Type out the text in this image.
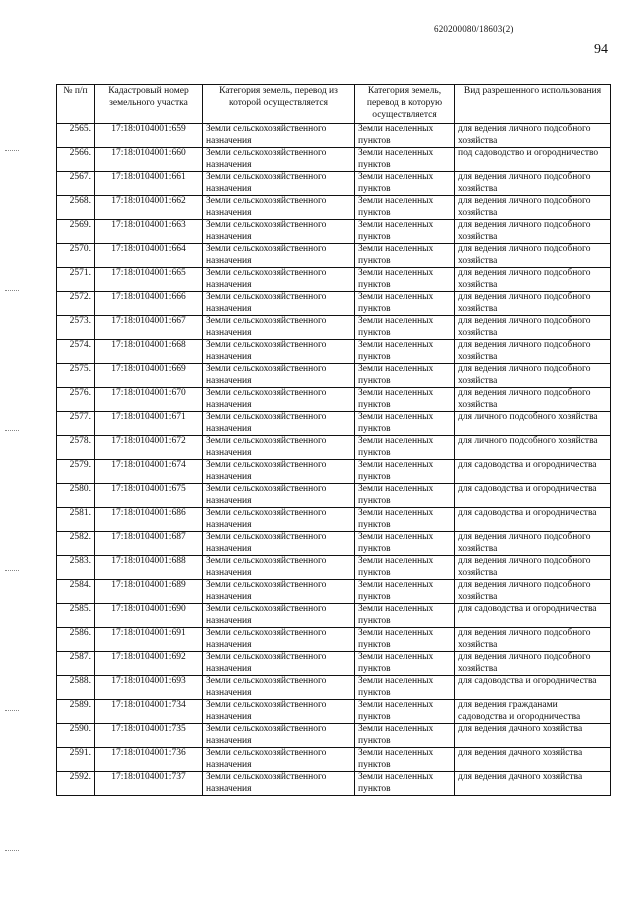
620200080/18603(2)
94
№ п/п	Кадастровый номер земельного участка	Категория земель, перевод из которой осуществляется	Категория земель, перевод в которую осуществляется	Вид разрешенного использования
2565.	17:18:0104001:659	Земли сельскохозяйственного назначения	Земли населенных пунктов	для ведения личного подсобного хозяйства
2566.	17:18:0104001:660	Земли сельскохозяйственного назначения	Земли населенных пунктов	под садоводство и огородничество
2567.	17:18:0104001:661	Земли сельскохозяйственного назначения	Земли населенных пунктов	для ведения личного подсобного хозяйства
2568.	17:18:0104001:662	Земли сельскохозяйственного назначения	Земли населенных пунктов	для ведения личного подсобного хозяйства
2569.	17:18:0104001:663	Земли сельскохозяйственного назначения	Земли населенных пунктов	для ведения личного подсобного хозяйства
2570.	17:18:0104001:664	Земли сельскохозяйственного назначения	Земли населенных пунктов	для ведения личного подсобного хозяйства
2571.	17:18:0104001:665	Земли сельскохозяйственного назначения	Земли населенных пунктов	для ведения личного подсобного хозяйства
2572.	17:18:0104001:666	Земли сельскохозяйственного назначения	Земли населенных пунктов	для ведения личного подсобного хозяйства
2573.	17:18:0104001:667	Земли сельскохозяйственного назначения	Земли населенных пунктов	для ведения личного подсобного хозяйства
2574.	17:18:0104001:668	Земли сельскохозяйственного назначения	Земли населенных пунктов	для ведения личного подсобного хозяйства
2575.	17:18:0104001:669	Земли сельскохозяйственного назначения	Земли населенных пунктов	для ведения личного подсобного хозяйства
2576.	17:18:0104001:670	Земли сельскохозяйственного назначения	Земли населенных пунктов	для ведения личного подсобного хозяйства
2577.	17:18:0104001:671	Земли сельскохозяйственного назначения	Земли населенных пунктов	для личного подсобного хозяйства
2578.	17:18:0104001:672	Земли сельскохозяйственного назначения	Земли населенных пунктов	для личного подсобного хозяйства
2579.	17:18:0104001:674	Земли сельскохозяйственного назначения	Земли населенных пунктов	для садоводства и огородничества
2580.	17:18:0104001:675	Земли сельскохозяйственного назначения	Земли населенных пунктов	для садоводства и огородничества
2581.	17:18:0104001:686	Земли сельскохозяйственного назначения	Земли населенных пунктов	для садоводства и огородничества
2582.	17:18:0104001:687	Земли сельскохозяйственного назначения	Земли населенных пунктов	для ведения личного подсобного хозяйства
2583.	17:18:0104001:688	Земли сельскохозяйственного назначения	Земли населенных пунктов	для ведения личного подсобного хозяйства
2584.	17:18:0104001:689	Земли сельскохозяйственного назначения	Земли населенных пунктов	для ведения личного подсобного хозяйства
2585.	17:18:0104001:690	Земли сельскохозяйственного назначения	Земли населенных пунктов	для садоводства и огородничества
2586.	17:18:0104001:691	Земли сельскохозяйственного назначения	Земли населенных пунктов	для ведения личного подсобного хозяйства
2587.	17:18:0104001:692	Земли сельскохозяйственного назначения	Земли населенных пунктов	для ведения личного подсобного хозяйства
2588.	17:18:0104001:693	Земли сельскохозяйственного назначения	Земли населенных пунктов	для садоводства и огородничества
2589.	17:18:0104001:734	Земли сельскохозяйственного назначения	Земли населенных пунктов	для ведения гражданами садоводства и огородничества
2590.	17:18:0104001:735	Земли сельскохозяйственного назначения	Земли населенных пунктов	для ведения дачного хозяйства
2591.	17:18:0104001:736	Земли сельскохозяйственного назначения	Земли населенных пунктов	для ведения дачного хозяйства
2592.	17:18:0104001:737	Земли сельскохозяйственного назначения	Земли населенных пунктов	для ведения дачного хозяйства
